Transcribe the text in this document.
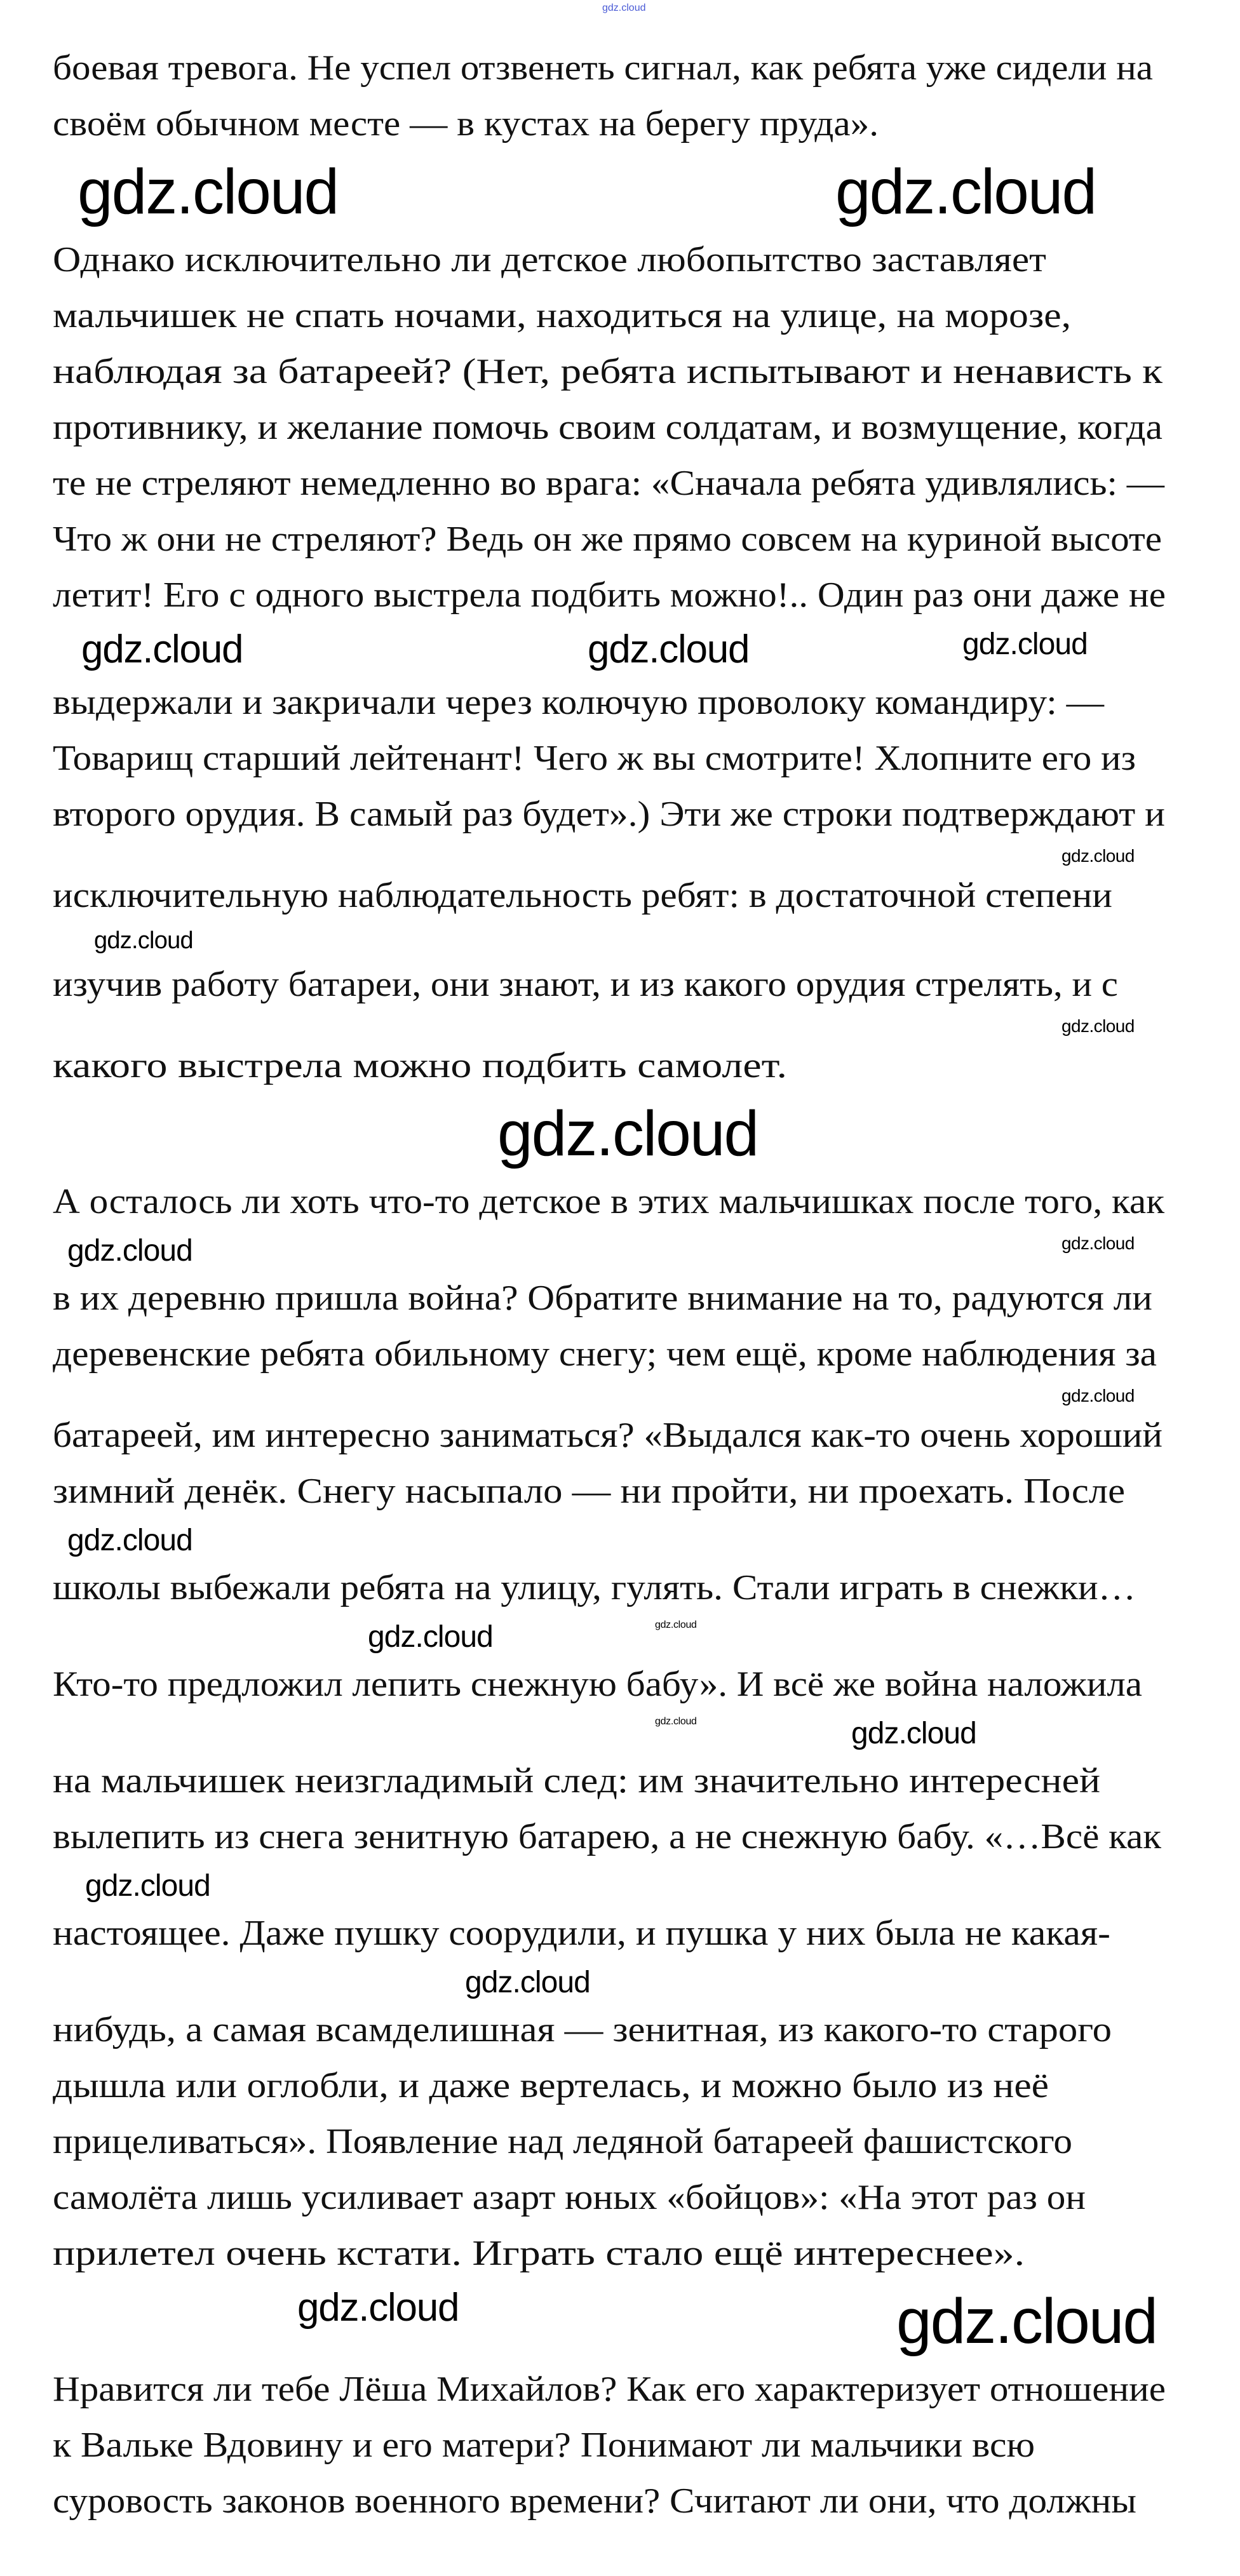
gdz.cloud
боевая тревога. Не успел отзвенеть сигнал, как ребята уже сидели на
своём обычном месте — в кустах на берегу пруда».
gdz.cloud	gdz.cloud
Однако исключительно ли детское любопытство заставляет
мальчишек не спать ночами, находиться на улице, на морозе,
наблюдая за батареей? (Нет, ребята испытывают и ненависть к
противнику, и желание помочь своим солдатам, и возмущение, когда
те не стреляют немедленно во врага: «Сначала ребята удивлялись: —
Что ж они не стреляют? Ведь он же прямо совсем на куриной высоте
летит! Его с одного выстрела подбить можно!.. Один раз они даже не
gdz.cloud	gdz.cloud	gdz.cloud
выдержали и закричали через колючую проволоку командиру: —
Товарищ старший лейтенант! Чего ж вы смотрите! Хлопните его из
второго орудия. В самый раз будет».) Эти же строки подтверждают и
gdz.cloud
исключительную наблюдательность ребят: в достаточной степени
gdz.cloud
изучив работу батареи, они знают, и из какого орудия стрелять, и с
gdz.cloud
какого выстрела можно подбить самолет.
gdz.cloud
А осталось ли хоть что-то детское в этих мальчишках после того, как
gdz.cloud	gdz.cloud
в их деревню пришла война? Обратите внимание на то, радуются ли
деревенские ребята обильному снегу; чем ещё, кроме наблюдения за
gdz.cloud
батареей, им интересно заниматься? «Выдался как-то очень хороший
зимний денёк. Снегу насыпало — ни пройти, ни проехать. После
gdz.cloud
школы выбежали ребята на улицу, гулять. Стали играть в снежки…
gdz.cloud	gdz.cloud
Кто-то предложил лепить снежную бабу». И всё же война наложила
gdz.cloud	gdz.cloud
на мальчишек неизгладимый след: им значительно интересней
вылепить из снега зенитную батарею, а не снежную бабу. «…Всё как
gdz.cloud
настоящее. Даже пушку соорудили, и пушка у них была не какая-
gdz.cloud
нибудь, а самая всамделишная — зенитная, из какого-то старого
дышла или оглобли, и даже вертелась, и можно было из неё
прицеливаться». Появление над ледяной батареей фашистского
самолёта лишь усиливает азарт юных «бойцов»: «На этот раз он
прилетел очень кстати. Играть стало ещё интереснее».
gdz.cloud	gdz.cloud
Нравится ли тебе Лёша Михайлов? Как его характеризует отношение
к Вальке Вдовину и его матери? Понимают ли мальчики всю
суровость законов военного времени? Считают ли они, что должны
